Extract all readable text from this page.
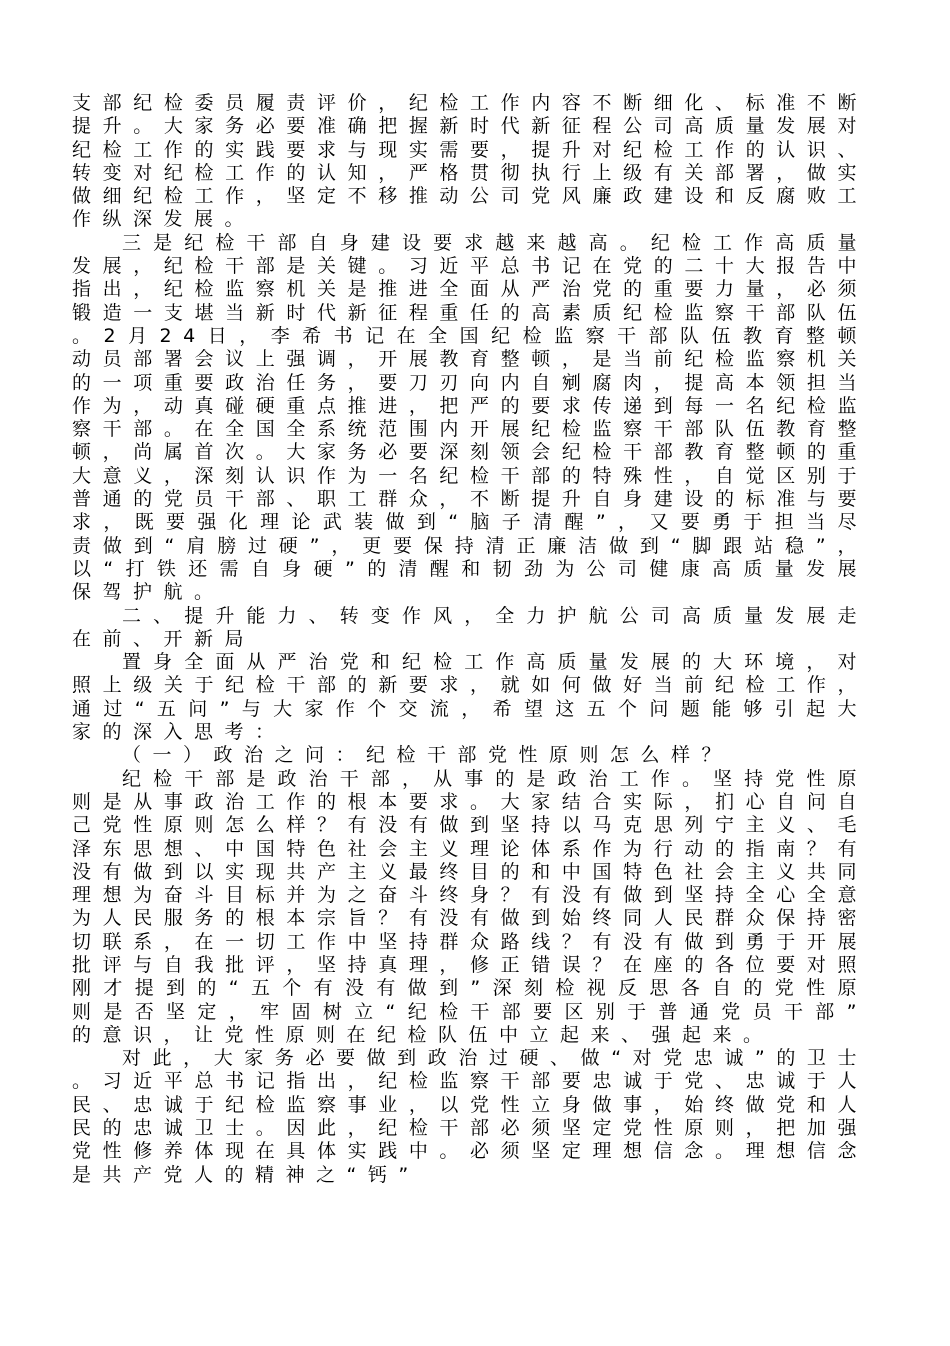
支部纪检委员履责评价，纪检工作内容不断细化、标准不断提升。大家务必要准确把握新时代新征程公司高质量发展对纪检工作的实践要求与现实需要，提升对纪检工作的认识、转变对纪检工作的认知，严格贯彻执行上级有关部署，做实做细纪检工作，坚定不移推动公司党风廉政建设和反腐败工作纵深发展。

三是纪检干部自身建设要求越来越高。纪检工作高质量发展，纪检干部是关键。习近平总书记在党的二十大报告中指出，纪检监察机关是推进全面从严治党的重要力量，必须锻造一支堪当新时代新征程重任的高素质纪检监察干部队伍。2月24日，李希书记在全国纪检监察干部队伍教育整顿动员部署会议上强调，开展教育整顿，是当前纪检监察机关的一项重要政治任务，要刀刃向内自剜腐肉，提高本领担当作为，动真碰硬重点推进，把严的要求传递到每一名纪检监察干部。在全国全系统范围内开展纪检监察干部队伍教育整顿，尚属首次。大家务必要深刻领会纪检干部教育整顿的重大意义，深刻认识作为一名纪检干部的特殊性，自觉区别于普通的党员干部、职工群众，不断提升自身建设的标准与要求，既要强化理论武装做到“脑子清醒”，又要勇于担当尽责做到“肩膀过硬”，更要保持清正廉洁做到“脚跟站稳”，以“打铁还需自身硬”的清醒和韧劲为公司健康高质量发展保驾护航。

二、提升能力、转变作风，全力护航公司高质量发展走在前、开新局

置身全面从严治党和纪检工作高质量发展的大环境，对照上级关于纪检干部的新要求，就如何做好当前纪检工作，通过“五问”与大家作个交流，希望这五个问题能够引起大家的深入思考：

（一）政治之问：纪检干部党性原则怎么样？

纪检干部是政治干部，从事的是政治工作。坚持党性原则是从事政治工作的根本要求。大家结合实际，扪心自问自己党性原则怎么样？有没有做到坚持以马克思列宁主义、毛泽东思想、中国特色社会主义理论体系作为行动的指南？有没有做到以实现共产主义最终目的和中国特色社会主义共同理想为奋斗目标并为之奋斗终身？有没有做到坚持全心全意为人民服务的根本宗旨？有没有做到始终同人民群众保持密切联系，在一切工作中坚持群众路线？有没有做到勇于开展批评与自我批评，坚持真理，修正错误？在座的各位要对照刚才提到的“五个有没有做到”深刻检视反思各自的党性原则是否坚定，牢固树立“纪检干部要区别于普通党员干部”的意识，让党性原则在纪检队伍中立起来、强起来。

对此，大家务必要做到政治过硬、做“对党忠诚”的卫士。习近平总书记指出，纪检监察干部要忠诚于党、忠诚于人民、忠诚于纪检监察事业，以党性立身做事，始终做党和人民的忠诚卫士。因此，纪检干部必须坚定党性原则，把加强党性修养体现在具体实践中。必须坚定理想信念。理想信念是共产党人的精神之“钙”
